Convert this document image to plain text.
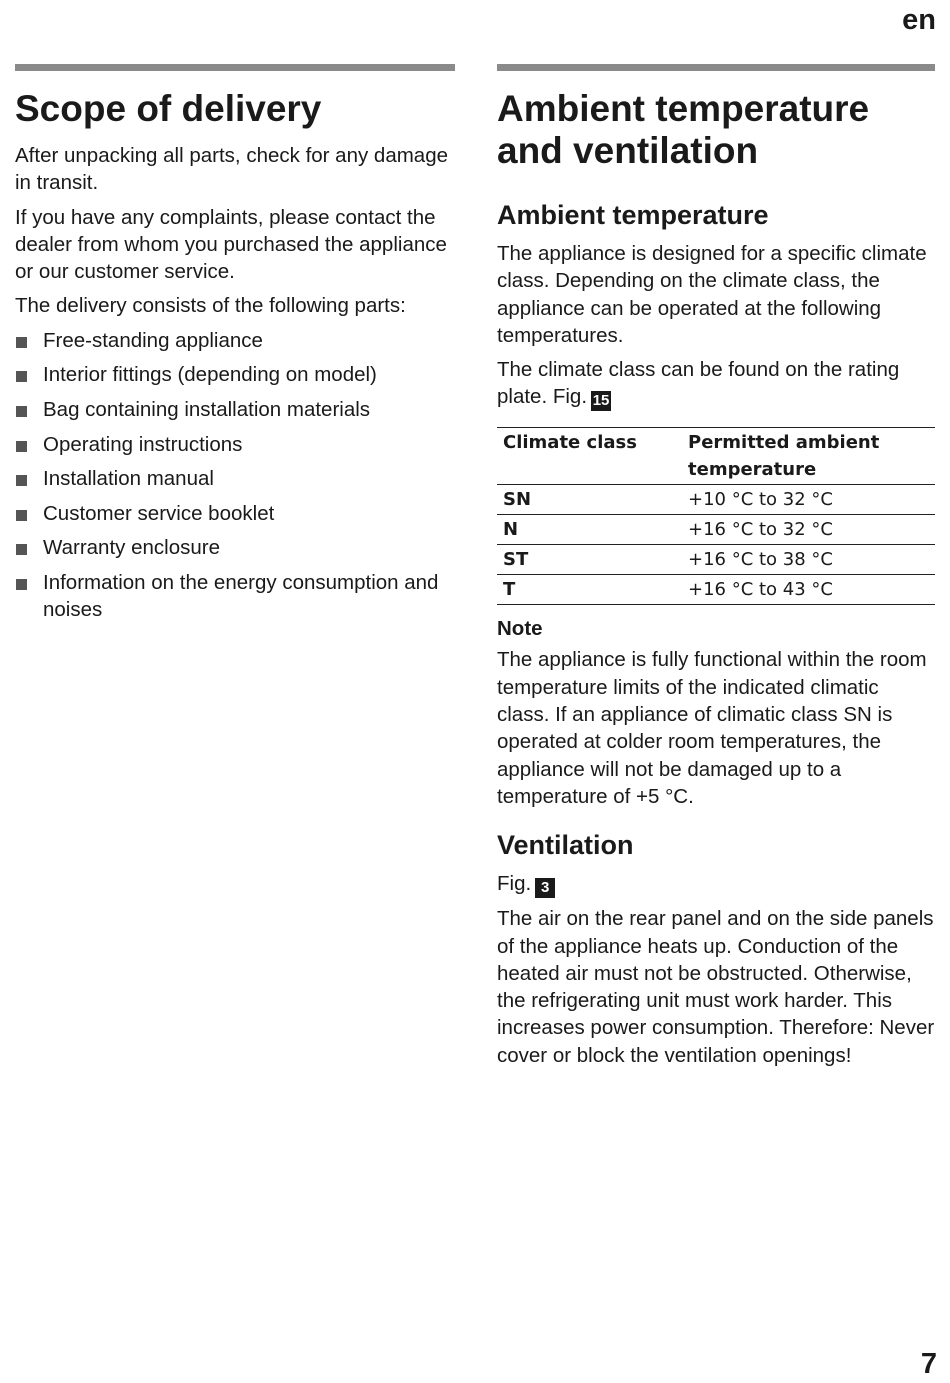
en
Scope of delivery

After unpacking all parts, check for any damage in transit.

If you have any complaints, please contact the dealer from whom you purchased the appliance or our customer service.

The delivery consists of the following parts:

Free-standing appliance
Interior fittings (depending on model)
Bag containing installation materials
Operating instructions
Installation manual
Customer service booklet
Warranty enclosure
Information on the energy consumption and noises
Ambient temperature and ventilation
Ambient temperature

The appliance is designed for a specific climate class. Depending on the climate class, the appliance can be operated at the following temperatures.

The climate class can be found on the rating plate. Fig. 15

Climate class	Permitted ambient temperature
SN	+10 °C to 32 °C
N	+16 °C to 32 °C
ST	+16 °C to 38 °C
T	+16 °C to 43 °C
Note

The appliance is fully functional within the room temperature limits of the indicated climatic class. If an appliance of climatic class SN is operated at colder room temperatures, the appliance will not be damaged up to a temperature of +5 °C.

Ventilation

Fig. 3

The air on the rear panel and on the side panels of the appliance heats up. Conduction of the heated air must not be obstructed. Otherwise, the refrigerating unit must work harder. This increases power consumption. Therefore: Never cover or block the ventilation openings!

7
